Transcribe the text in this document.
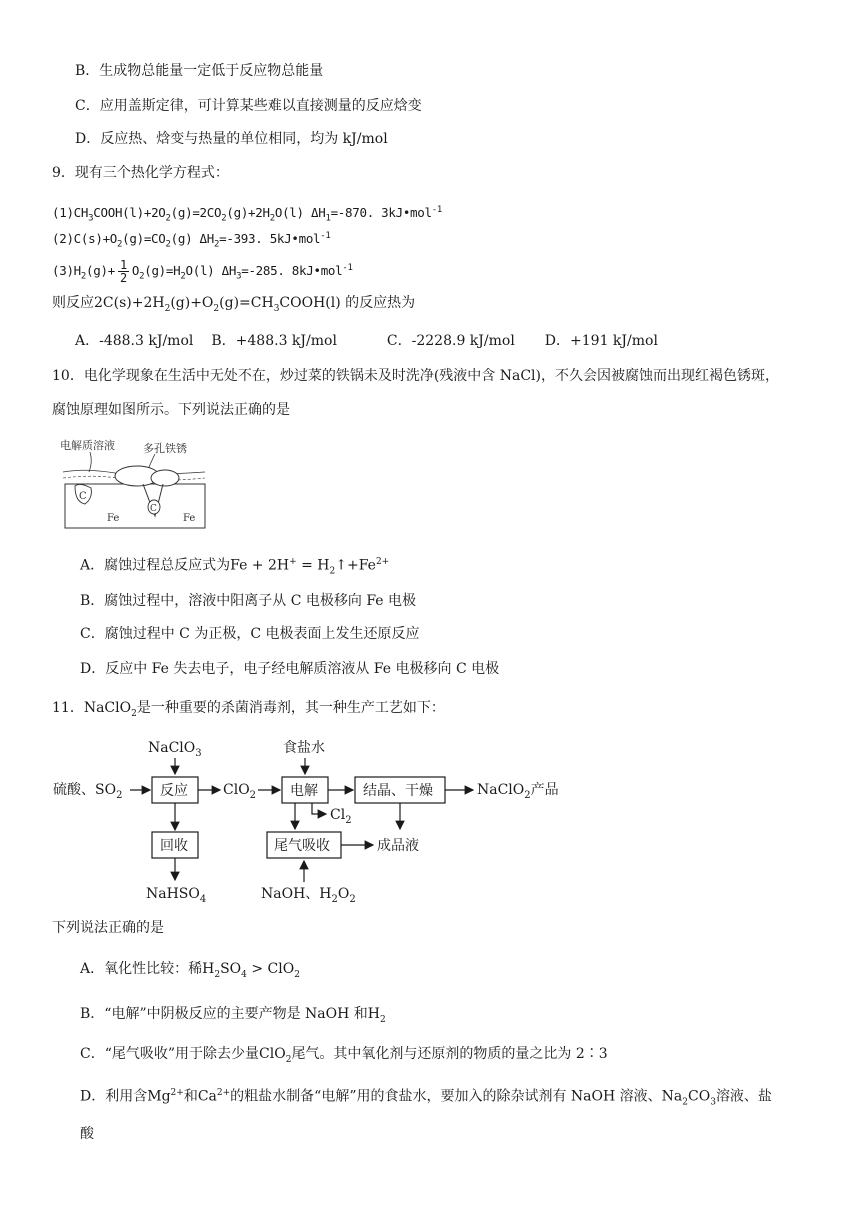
B．生成物总能量一定低于反应物总能量
C．应用盖斯定律，可计算某些难以直接测量的反应焓变
D．反应热、焓变与热量的单位相同，均为 kJ/mol
9．现有三个热化学方程式：
$(1)CH_3COOH(l)+2O_2(g)=2CO_2(g)+2H_2O(l)$ $\Delta H_1=-870$. 3kJ•mol$^{-1}$
$(2)C(s)+O_2(g)=CO_2(g)$ $\Delta H_2=-393$. 5kJ•mol$^{-1}$
$(3)H_2(g)+ \frac{1}{2} O_2(g)=H_2O(l)$ $\Delta H_3=-285$. 8kJ•mol$^{-1}$
则反应$2C(s)+2H_2(g)+O_2(g)=CH_3COOH(l)$ 的反应热为
A．-488.3 kJ/mol B．+488.3 kJ/mol	C．-2228.9 kJ/mol D．+191 kJ/mol
10．电化学现象在生活中无处不在，炒过菜的铁锅未及时洗净(残液中含 NaCl)，不久会因被腐蚀而出现红褐色锈斑，
腐蚀原理如图所示。下列说法正确的是
电解质溶液	多孔铁锈
C
C
Fe	Fe
A．腐蚀过程总反应式为$Fe + 2H^+ = H_2↑+Fe^{2+}$
B．腐蚀过程中，溶液中阳离子从 C 电极移向 Fe 电极
C．腐蚀过程中 C 为正极，C 电极表面上发生还原反应
D．反应中 Fe 失去电子，电子经电解质溶液从 Fe 电极移向 C 电极
11．NaClO$_2$是一种重要的杀菌消毒剂，其一种生产工艺如下：
NaClO$_3$	食盐水
硫酸、$SO_2$	反应	ClO$_2$ 电解	结晶、干燥	NaClO$_2$产品
$Cl_2$
回收	尾气吸收	成品液
NaHSO$_4$	NaOH、$H_2O_2$
下列说法正确的是
A．氧化性比较：稀$H_2SO_4 > ClO_2$
B．“电解”中阴极反应的主要产物是 NaOH 和$H_2$
C．“尾气吸收”用于除去少量ClO$_2$尾气。其中氧化剂与还原剂的物质的量之比为 2∶3
D．利用含$Mg^{2+}$和$Ca^{2+}$的粗盐水制备“电解”用的食盐水，要加入的除杂试剂有 NaOH 溶液、$Na_2CO_3$溶液、盐
酸
